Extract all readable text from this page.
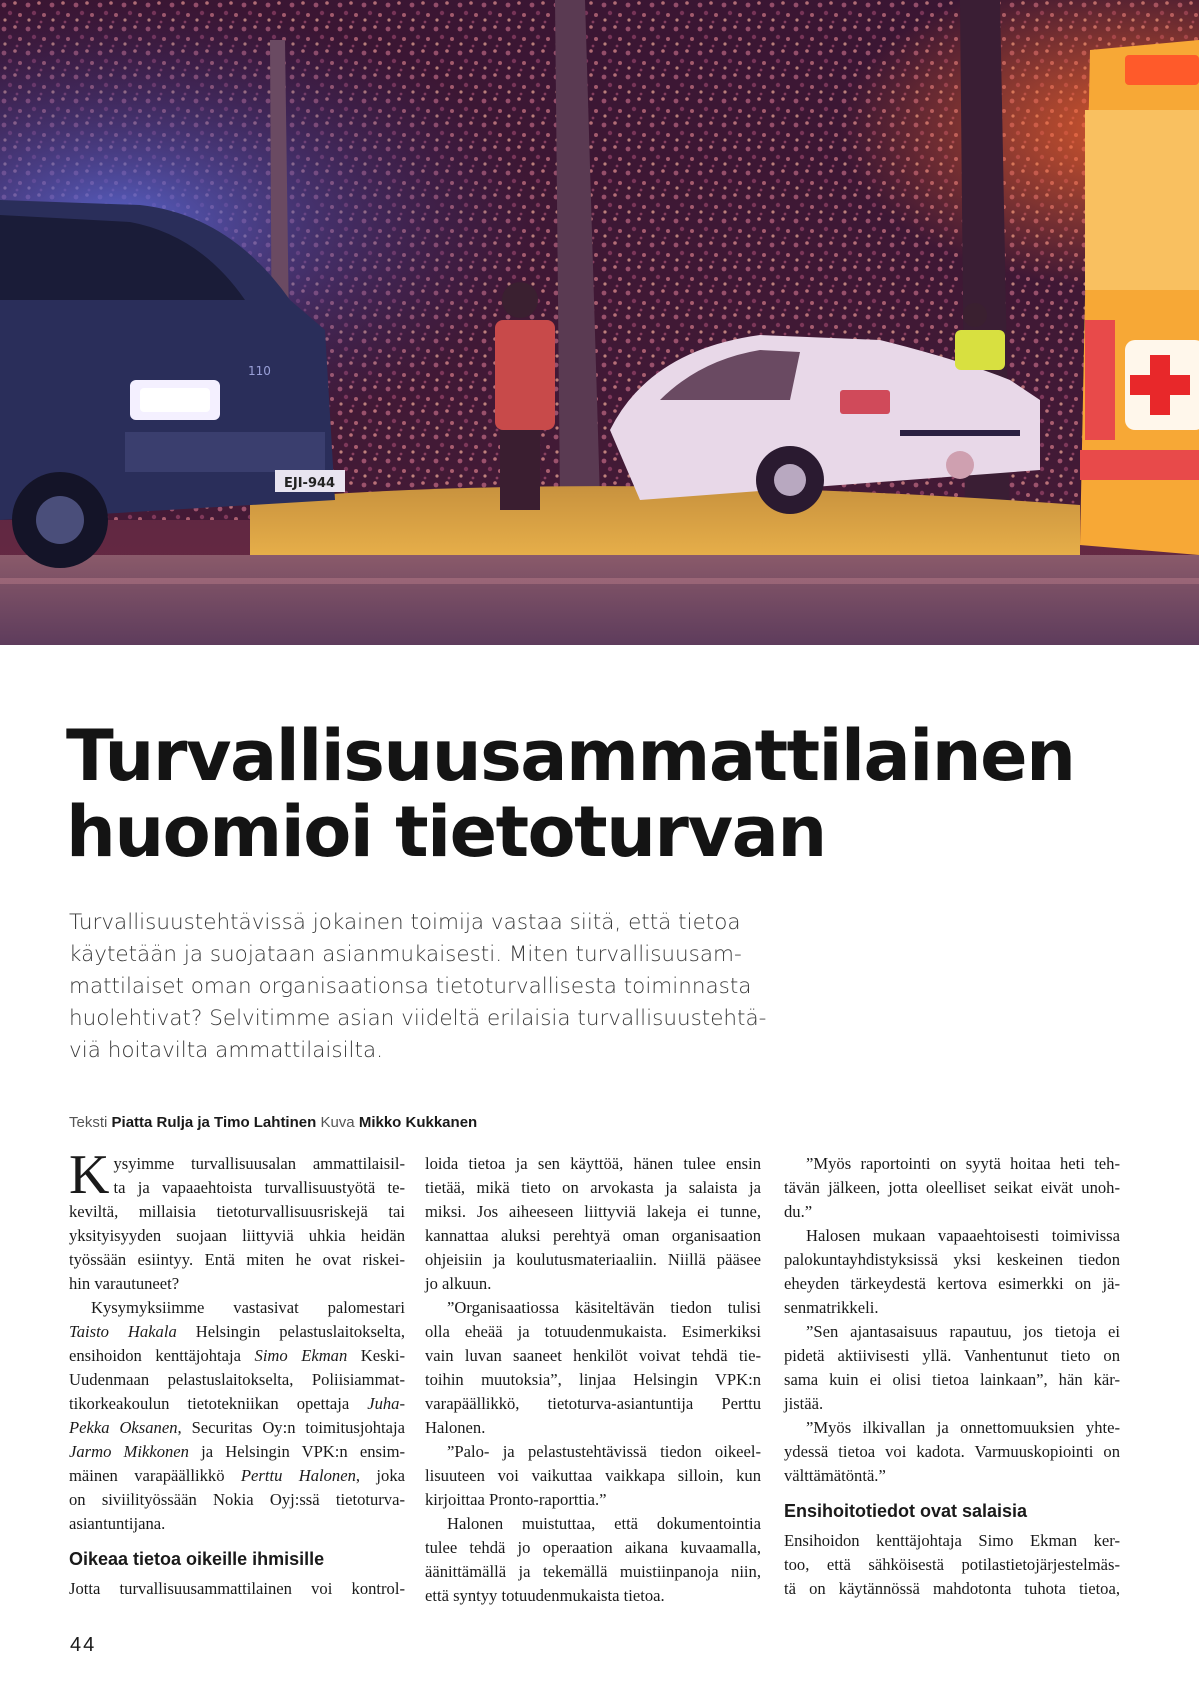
EJI-944
110
Turvallisuusammattilainen
huomioi tietoturvan
Turvallisuustehtävissä jokainen toimija vastaa siitä, että tietoa
käytetään ja suojataan asianmukaisesti. Miten turvallisuusam-
mattilaiset oman organisaationsa tietoturvallisesta toiminnasta
huolehtivat? Selvitimme asian viideltä erilaisia turvallisuustehtä-
viä hoitavilta ammattilaisilta.
Teksti Piatta Rulja ja Timo Lahtinen Kuva Mikko Kukkanen
K ysyimme turvallisuusalan ammattilaisil-
ta ja vapaaehtoista turvallisuustyötä te-
keviltä, millaisia tietoturvallisuusriskejä tai
yksityisyyden suojaan liittyviä uhkia heidän
työssään esiintyy. Entä miten he ovat riskei-
hin varautuneet?
Kysymyksiimme vastasivat palomestari
Taisto Hakala Helsingin pelastuslaitokselta,
ensihoidon kenttäjohtaja Simo Ekman Keski-
Uudenmaan pelastuslaitokselta, Poliisiammat-
tikorkeakoulun tietotekniikan opettaja Juha-
Pekka Oksanen, Securitas Oy:n toimitusjohtaja
Jarmo Mikkonen ja Helsingin VPK:n ensim-
mäinen varapäällikkö Perttu Halonen, joka
on siviilityössään Nokia Oyj:ssä tietoturva-
asiantuntijana.
Oikeaa tietoa oikeille ihmisille
Jotta turvallisuusammattilainen voi kontrol-
loida tietoa ja sen käyttöä, hänen tulee ensin
tietää, mikä tieto on arvokasta ja salaista ja
miksi. Jos aiheeseen liittyviä lakeja ei tunne,
kannattaa aluksi perehtyä oman organisaation
ohjeisiin ja koulutusmateriaaliin. Niillä pääsee
jo alkuun.
”Organisaatiossa käsiteltävän tiedon tulisi
olla eheää ja totuudenmukaista. Esimerkiksi
vain luvan saaneet henkilöt voivat tehdä tie-
toihin muutoksia”, linjaa Helsingin VPK:n
varapäällikkö, tietoturva-asiantuntija Perttu
Halonen.
”Palo- ja pelastustehtävissä tiedon oikeel-
lisuuteen voi vaikuttaa vaikkapa silloin, kun
kirjoittaa Pronto-raporttia.”
Halonen muistuttaa, että dokumentointia
tulee tehdä jo operaation aikana kuvaamalla,
äänittämällä ja tekemällä muistiinpanoja niin,
että syntyy totuudenmukaista tietoa.
”Myös raportointi on syytä hoitaa heti teh-
tävän jälkeen, jotta oleelliset seikat eivät unoh-
du.”
Halosen mukaan vapaaehtoisesti toimivissa
palokuntayhdistyksissä yksi keskeinen tiedon
eheyden tärkeydestä kertova esimerkki on jä-
senmatrikkeli.
”Sen ajantasaisuus rapautuu, jos tietoja ei
pidetä aktiivisesti yllä. Vanhentunut tieto on
sama kuin ei olisi tietoa lainkaan”, hän kär-
jistää.
”Myös ilkivallan ja onnettomuuksien yhte-
ydessä tietoa voi kadota. Varmuuskopiointi on
välttämätöntä.”
Ensihoitotiedot ovat salaisia
Ensihoidon kenttäjohtaja Simo Ekman ker-
too, että sähköisestä potilastietojärjestelmäs-
tä on käytännössä mahdotonta tuhota tietoa,
44
